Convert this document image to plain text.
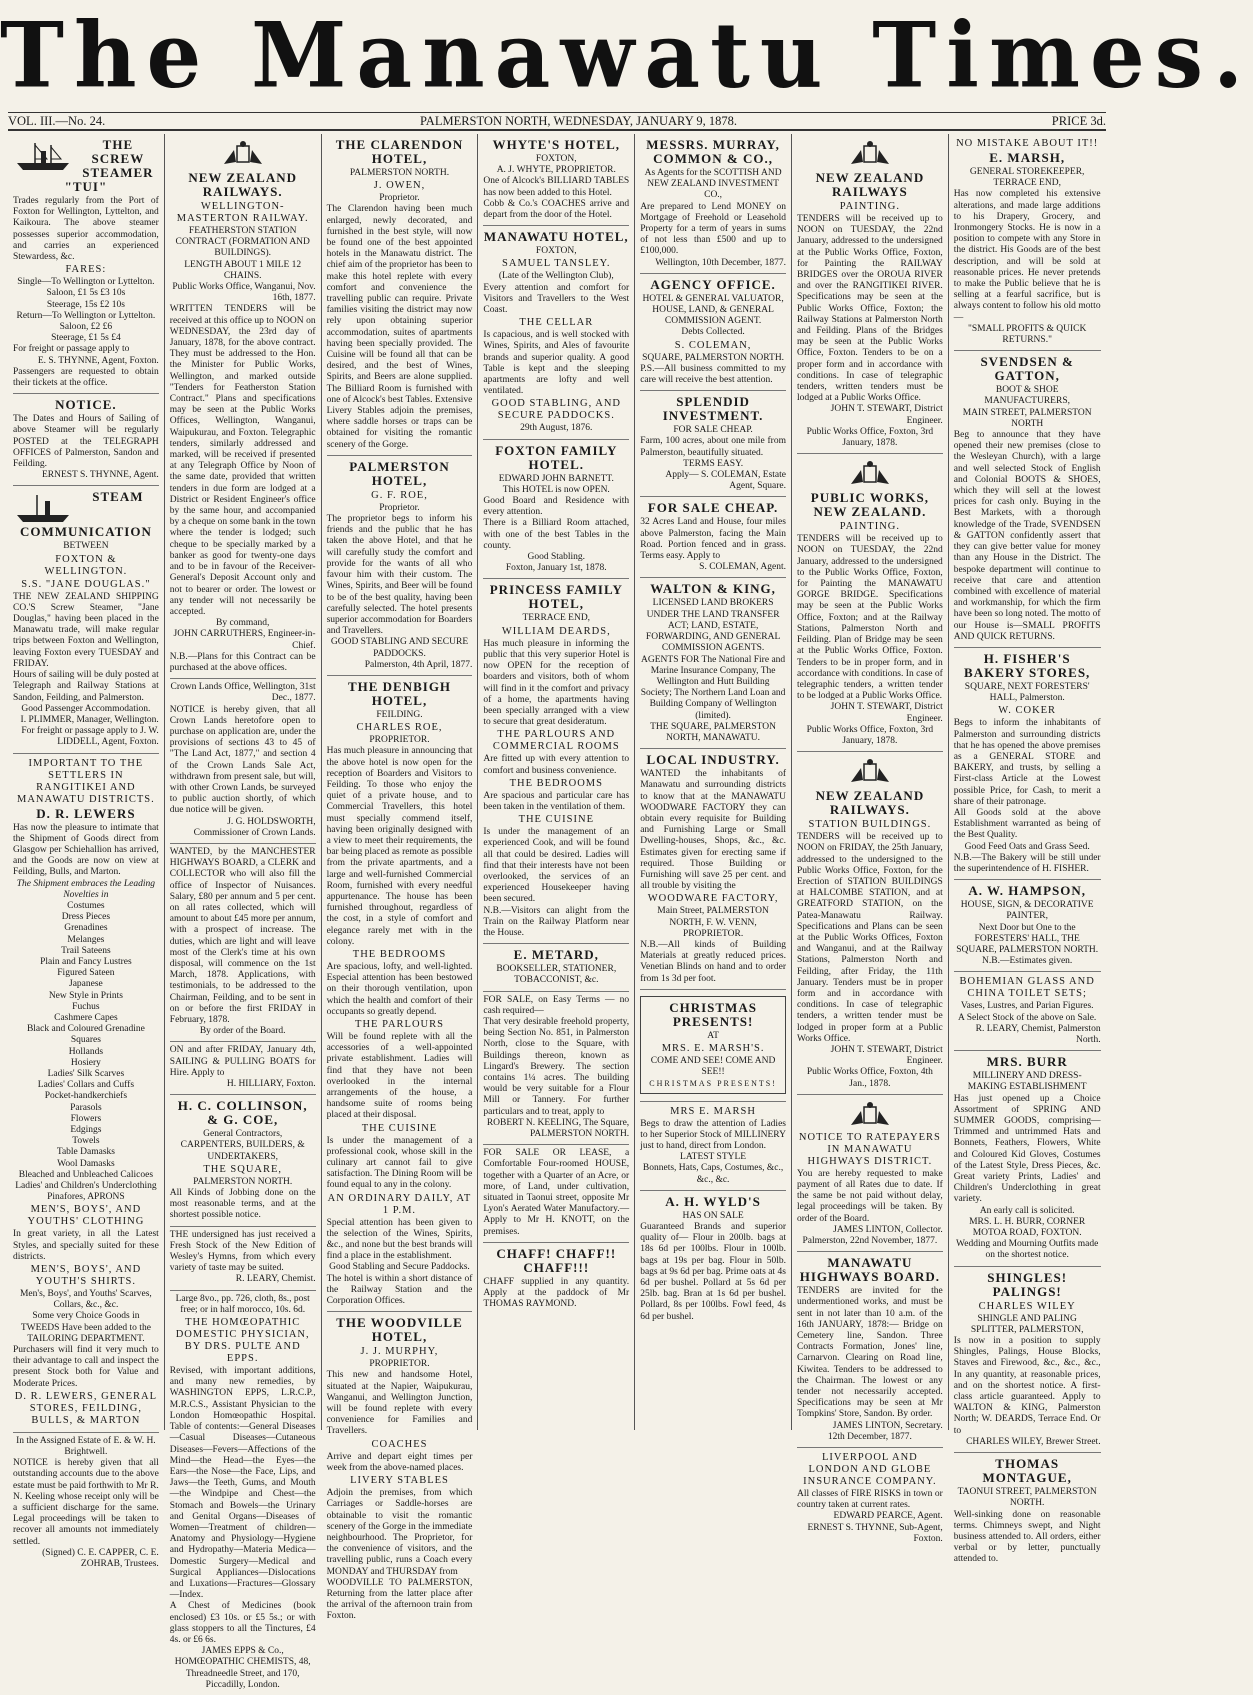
The Manawatu Times.
VOL. III.—No. 24.	PALMERSTON NORTH, WEDNESDAY, JANUARY 9, 1878.	PRICE 3d.
THE SCREW STEAMER "TUI"
Trades regularly from the Port of Foxton for Wellington, Lyttelton, and Kaikoura. The above steamer possesses superior accommodation, and carries an experienced Stewardess, &c.
FARES:
Single—To Wellington or Lyttelton. Saloon, £1 5s £3 10s
Steerage, 15s £2 10s
Return—To Wellington or Lyttelton. Saloon, £2 £6
Steerage, £1 5s £4
For freight or passage apply to
E. S. THYNNE, Agent, Foxton.
Passengers are requested to obtain their tickets at the office.
NOTICE.
The Dates and Hours of Sailing of above Steamer will be regularly POSTED at the TELEGRAPH OFFICES of Palmerston, Sandon and Feilding.
ERNEST S. THYNNE, Agent.
STEAM COMMUNICATION
BETWEEN
FOXTON & WELLINGTON.
S.S. "JANE DOUGLAS."
THE NEW ZEALAND SHIPPING CO.'S Screw Steamer, "Jane Douglas," having been placed in the Manawatu trade, will make regular trips between Foxton and Wellington, leaving Foxton every TUESDAY and FRIDAY.
Hours of sailing will be duly posted at Telegraph and Railway Stations at Sandon, Feilding, and Palmerston.
Good Passenger Accommodation.
I. PLIMMER, Manager, Wellington.
For freight or passage apply to J. W. LIDDELL, Agent, Foxton.
IMPORTANT TO THE SETTLERS IN RANGITIKEI AND MANAWATU DISTRICTS.
D. R. LEWERS
Has now the pleasure to intimate that the Shipment of Goods direct from Glasgow per Schiehallion has arrived, and the Goods are now on view at Feilding, Bulls, and Marton.
The Shipment embraces the Leading Novelties in
Costumes
Dress Pieces
Grenadines
Melanges
Trail Sateens
Plain and Fancy Lustres
Figured Sateen
Japanese
New Style in Prints
Fuchus
Cashmere Capes
Black and Coloured Grenadine Squares
Hollands
Hosiery
Ladies' Silk Scarves
Ladies' Collars and Cuffs
Pocket-handkerchiefs
Parasols
Flowers
Edgings
Towels
Table Damasks
Wool Damasks
Bleached and Unbleached Calicoes
Ladies' and Children's Underclothing
Pinafores, APRONS
MEN'S, BOYS', AND YOUTHS' CLOTHING
In great variety, in all the Latest Styles, and specially suited for these districts.
MEN'S, BOYS', AND YOUTH'S SHIRTS.
Men's, Boys', and Youths' Scarves, Collars, &c., &c.
Some very Choice Goods in TWEEDS Have been added to the TAILORING DEPARTMENT.
Purchasers will find it very much to their advantage to call and inspect the present Stock both for Value and Moderate Prices.
D. R. LEWERS, GENERAL STORES, FEILDING, BULLS, & MARTON
In the Assigned Estate of E. & W. H. Brightwell.
NOTICE is hereby given that all outstanding accounts due to the above estate must be paid forthwith to Mr R. N. Keeling whose receipt only will be a sufficient discharge for the same. Legal proceedings will be taken to recover all amounts not immediately settled.
(Signed) C. E. CAPPER, C. E. ZOHRAB, Trustees.
NEW ZEALAND RAILWAYS.
WELLINGTON-MASTERTON RAILWAY.
FEATHERSTON STATION CONTRACT (FORMATION AND BUILDINGS).
LENGTH ABOUT 1 MILE 12 CHAINS.
Public Works Office, Wanganui, Nov. 16th, 1877.
WRITTEN TENDERS will be received at this office up to NOON on WEDNESDAY, the 23rd day of January, 1878, for the above contract. They must be addressed to the Hon. the Minister for Public Works, Wellington, and marked outside "Tenders for Featherston Station Contract." Plans and specifications may be seen at the Public Works Offices, Wellington, Wanganui, Waipukurau, and Foxton. Telegraphic tenders, similarly addressed and marked, will be received if presented at any Telegraph Office by Noon of the same date, provided that written tenders in due form are lodged at a District or Resident Engineer's office by the same hour, and accompanied by a cheque on some bank in the town where the tender is lodged; such cheque to be specially marked by a banker as good for twenty-one days and to be in favour of the Receiver-General's Deposit Account only and not to bearer or order. The lowest or any tender will not necessarily be accepted.
By command,
JOHN CARRUTHERS, Engineer-in-Chief.
N.B.—Plans for this Contract can be purchased at the above offices.
Crown Lands Office, Wellington, 31st Dec., 1877.
NOTICE is hereby given, that all Crown Lands heretofore open to purchase on application are, under the provisions of sections 43 to 45 of "The Land Act, 1877," and section 4 of the Crown Lands Sale Act, withdrawn from present sale, but will, with other Crown Lands, be surveyed to public auction shortly, of which due notice will be given.
J. G. HOLDSWORTH, Commissioner of Crown Lands.
WANTED, by the MANCHESTER HIGHWAYS BOARD, a CLERK and COLLECTOR who will also fill the office of Inspector of Nuisances. Salary, £80 per annum and 5 per cent. on all rates collected, which will amount to about £45 more per annum, with a prospect of increase. The duties, which are light and will leave most of the Clerk's time at his own disposal, will commence on the 1st March, 1878. Applications, with testimonials, to be addressed to the Chairman, Feilding, and to be sent in on or before the first FRIDAY in February, 1878.
By order of the Board.
ON and after FRIDAY, January 4th, SAILING & PULLING BOATS for Hire. Apply to
H. HILLIARY, Foxton.
H. C. COLLINSON, & G. COE,
General Contractors,
CARPENTERS, BUILDERS, & UNDERTAKERS,
THE SQUARE,
PALMERSTON NORTH.
All Kinds of Jobbing done on the most reasonable terms, and at the shortest possible notice.
THE undersigned has just received a Fresh Stock of the New Edition of Wesley's Hymns, from which every variety of taste may be suited.
R. LEARY, Chemist.
Large 8vo., pp. 726, cloth, 8s., post free; or in half morocco, 10s. 6d.
THE HOMŒOPATHIC DOMESTIC PHYSICIAN, BY DRS. PULTE AND EPPS.
Revised, with important additions, and many new remedies, by WASHINGTON EPPS, L.R.C.P., M.R.C.S., Assistant Physician to the London Homœopathic Hospital. Table of contents:—General Diseases—Casual Diseases—Cutaneous Diseases—Fevers—Affections of the Mind—the Head—the Eyes—the Ears—the Nose—the Face, Lips, and Jaws—the Teeth, Gums, and Mouth—the Windpipe and Chest—the Stomach and Bowels—the Urinary and Genital Organs—Diseases of Women—Treatment of children—Anatomy and Physiology—Hygiene and Hydropathy—Materia Medica—Domestic Surgery—Medical and Surgical Appliances—Dislocations and Luxations—Fractures—Glossary—Index.
A Chest of Medicines (book enclosed) £3 10s. or £5 5s.; or with glass stoppers to all the Tinctures, £4 4s. or £6 6s.
JAMES EPPS & Co., HOMŒOPATHIC CHEMISTS, 48, Threadneedle Street, and 170, Piccadilly, London.
THE CLARENDON HOTEL,
PALMERSTON NORTH.
J. OWEN,
Proprietor.
The Clarendon having been much enlarged, newly decorated, and furnished in the best style, will now be found one of the best appointed hotels in the Manawatu district. The chief aim of the proprietor has been to make this hotel replete with every comfort and convenience the travelling public can require. Private families visiting the district may now rely upon obtaining superior accommodation, suites of apartments having been specially provided. The Cuisine will be found all that can be desired, and the best of Wines, Spirits, and Beers are alone supplied. The Billiard Room is furnished with one of Alcock's best Tables. Extensive Livery Stables adjoin the premises, where saddle horses or traps can be obtained for visiting the romantic scenery of the Gorge.
PALMERSTON HOTEL,
G. F. ROE,
Proprietor.
The proprietor begs to inform his friends and the public that he has taken the above Hotel, and that he will carefully study the comfort and provide for the wants of all who favour him with their custom. The Wines, Spirits, and Beer will be found to be of the best quality, having been carefully selected. The hotel presents superior accommodation for Boarders and Travellers.
GOOD STABLING AND SECURE PADDOCKS.
Palmerston, 4th April, 1877.
THE DENBIGH HOTEL,
FEILDING.
CHARLES ROE,
PROPRIETOR.
Has much pleasure in announcing that the above hotel is now open for the reception of Boarders and Visitors to Feilding. To those who enjoy the quiet of a private house, and to Commercial Travellers, this hotel must specially commend itself, having been originally designed with a view to meet their requirements, the bar being placed as remote as possible from the private apartments, and a large and well-furnished Commercial Room, furnished with every needful appurtenance. The house has been furnished throughout, regardless of the cost, in a style of comfort and elegance rarely met with in the colony.
THE BEDROOMS
Are spacious, lofty, and well-lighted. Especial attention has been bestowed on their thorough ventilation, upon which the health and comfort of their occupants so greatly depend.
THE PARLOURS
Will be found replete with all the accessories of a well-appointed private establishment. Ladies will find that they have not been overlooked in the internal arrangements of the house, a handsome suite of rooms being placed at their disposal.
THE CUISINE
Is under the management of a professional cook, whose skill in the culinary art cannot fail to give satisfaction. The Dining Room will be found equal to any in the colony.
AN ORDINARY DAILY, AT 1 P.M.
Special attention has been given to the selection of the Wines, Spirits, &c., and none but the best brands will find a place in the establishment.
Good Stabling and Secure Paddocks.
The hotel is within a short distance of the Railway Station and the Corporation Offices.
THE WOODVILLE HOTEL,
J. J. MURPHY,
PROPRIETOR.
This new and handsome Hotel, situated at the Napier, Waipukurau, Wanganui, and Wellington Junction, will be found replete with every convenience for Families and Travellers.
COACHES
Arrive and depart eight times per week from the above-named places.
LIVERY STABLES
Adjoin the premises, from which Carriages or Saddle-horses are obtainable to visit the romantic scenery of the Gorge in the immediate neighbourhood. The Proprietor, for the convenience of visitors, and the travelling public, runs a Coach every MONDAY and THURSDAY from
WOODVILLE TO PALMERSTON, Returning from the latter place after the arrival of the afternoon train from Foxton.
WHYTE'S HOTEL,
FOXTON,
A. J. WHYTE, PROPRIETOR.
One of Alcock's BILLIARD TABLES has now been added to this Hotel.
Cobb & Co.'s COACHES arrive and depart from the door of the Hotel.
MANAWATU HOTEL,
FOXTON,
SAMUEL TANSLEY.
(Late of the Wellington Club),
Every attention and comfort for Visitors and Travellers to the West Coast.
THE CELLAR
Is capacious, and is well stocked with Wines, Spirits, and Ales of favourite brands and superior quality. A good Table is kept and the sleeping apartments are lofty and well ventilated.
GOOD STABLING, AND SECURE PADDOCKS.
29th August, 1876.
FOXTON FAMILY HOTEL.
EDWARD JOHN BARNETT.
This HOTEL is now OPEN.
Good Board and Residence with every attention.
There is a Billiard Room attached, with one of the best Tables in the county.
Good Stabling.
Foxton, January 1st, 1878.
PRINCESS FAMILY HOTEL,
TERRACE END,
WILLIAM DEARDS,
Has much pleasure in informing the public that this very superior Hotel is now OPEN for the reception of boarders and visitors, both of whom will find in it the comfort and privacy of a home, the apartments having been specially arranged with a view to secure that great desideratum.
THE PARLOURS AND COMMERCIAL ROOMS
Are fitted up with every attention to comfort and business convenience.
THE BEDROOMS
Are spacious and particular care has been taken in the ventilation of them.
THE CUISINE
Is under the management of an experienced Cook, and will be found all that could be desired. Ladies will find that their interests have not been overlooked, the services of an experienced Housekeeper having been secured.
N.B.—Visitors can alight from the Train on the Railway Platform near the House.
E. METARD,
BOOKSELLER, STATIONER, TOBACCONIST, &c.
FOR SALE, on Easy Terms — no cash required—
That very desirable freehold property, being Section No. 851, in Palmerston North, close to the Square, with Buildings thereon, known as Lingard's Brewery. The section contains 1¼ acres. The building would be very suitable for a Flour Mill or Tannery. For further particulars and to treat, apply to
ROBERT N. KEELING, The Square, PALMERSTON NORTH.
FOR SALE OR LEASE, a Comfortable Four-roomed HOUSE, together with a Quarter of an Acre, or more, of Land, under cultivation, situated in Taonui street, opposite Mr Lyon's Aerated Water Manufactory.— Apply to Mr H. KNOTT, on the premises.
CHAFF! CHAFF!! CHAFF!!!
CHAFF supplied in any quantity. Apply at the paddock of Mr THOMAS RAYMOND.
MESSRS. MURRAY, COMMON & CO.,
As Agents for the SCOTTISH AND NEW ZEALAND INVESTMENT CO.,
Are prepared to Lend MONEY on Mortgage of Freehold or Leasehold Property for a term of years in sums of not less than £500 and up to £100,000.
Wellington, 10th December, 1877.
AGENCY OFFICE.
HOTEL & GENERAL VALUATOR, HOUSE, LAND, & GENERAL COMMISSION AGENT.
Debts Collected.
S. COLEMAN,
SQUARE, PALMERSTON NORTH.
P.S.—All business committed to my care will receive the best attention.
SPLENDID INVESTMENT.
FOR SALE CHEAP.
Farm, 100 acres, about one mile from Palmerston, beautifully situated.
TERMS EASY.
Apply— S. COLEMAN, Estate Agent, Square.
FOR SALE CHEAP.
32 Acres Land and House, four miles above Palmerston, facing the Main Road. Portion fenced and in grass. Terms easy. Apply to
S. COLEMAN, Agent.
WALTON & KING,
LICENSED LAND BROKERS UNDER THE LAND TRANSFER ACT; LAND, ESTATE, FORWARDING, AND GENERAL COMMISSION AGENTS.
AGENTS FOR The National Fire and Marine Insurance Company, The Wellington and Hutt Building Society; The Northern Land Loan and Building Company of Wellington (limited).
THE SQUARE, PALMERSTON NORTH, MANAWATU.
LOCAL INDUSTRY.
WANTED the inhabitants of Manawatu and surrounding districts to know that at the MANAWATU WOODWARE FACTORY they can obtain every requisite for Building and Furnishing Large or Small Dwelling-houses, Shops, &c., &c. Estimates given for erecting same if required. Those Building or Furnishing will save 25 per cent. and all trouble by visiting the
WOODWARE FACTORY,
Main Street, PALMERSTON NORTH, F. W. VENN, PROPRIETOR.
N.B.—All kinds of Building Materials at greatly reduced prices. Venetian Blinds on hand and to order from 1s 3d per foot.
CHRISTMAS PRESENTS!
AT
MRS. E. MARSH'S.
COME AND SEE! COME AND SEE!!
CHRISTMAS PRESENTS!
MRS E. MARSH
Begs to draw the attention of Ladies to her Superior Stock of MILLINERY just to hand, direct from London.
LATEST STYLE
Bonnets, Hats, Caps, Costumes, &c., &c., &c.
A. H. WYLD'S
HAS ON SALE
Guaranteed Brands and superior quality of— Flour in 200lb. bags at 18s 6d per 100lbs. Flour in 100lb. bags at 19s per bag. Flour in 50lb. bags at 9s 6d per bag. Prime oats at 4s 6d per bushel. Pollard at 5s 6d per 25lb. bag. Bran at 1s 6d per bushel. Pollard, 8s per 100lbs. Fowl feed, 4s 6d per bushel.
NEW ZEALAND RAILWAYS
PAINTING.
TENDERS will be received up to NOON on TUESDAY, the 22nd January, addressed to the undersigned at the Public Works Office, Foxton, for Painting the RAILWAY BRIDGES over the OROUA RIVER and over the RANGITIKEI RIVER. Specifications may be seen at the Public Works Office, Foxton; the Railway Stations at Palmerston North and Feilding. Plans of the Bridges may be seen at the Public Works Office, Foxton. Tenders to be on a proper form and in accordance with conditions. In case of telegraphic tenders, written tenders must be lodged at a Public Works Office.
JOHN T. STEWART, District Engineer.
Public Works Office, Foxton, 3rd January, 1878.
PUBLIC WORKS, NEW ZEALAND.
PAINTING.
TENDERS will be received up to NOON on TUESDAY, the 22nd January, addressed to the undersigned to the Public Works Office, Foxton, for Painting the MANAWATU GORGE BRIDGE. Specifications may be seen at the Public Works Office, Foxton; and at the Railway Stations, Palmerston North and Feilding. Plan of Bridge may be seen at the Public Works Office, Foxton. Tenders to be in proper form, and in accordance with conditions. In case of telegraphic tenders, a written tender to be lodged at a Public Works Office.
JOHN T. STEWART, District Engineer.
Public Works Office, Foxton, 3rd January, 1878.
NEW ZEALAND RAILWAYS.
STATION BUILDINGS.
TENDERS will be received up to NOON on FRIDAY, the 25th January, addressed to the undersigned to the Public Works Office, Foxton, for the Erection of STATION BUILDINGS at HALCOMBE STATION, and at GREATFORD STATION, on the Patea-Manawatu Railway. Specifications and Plans can be seen at the Public Works Offices, Foxton and Wanganui, and at the Railway Stations, Palmerston North and Feilding, after Friday, the 11th January. Tenders must be in proper form and in accordance with conditions. In case of telegraphic tenders, a written tender must be lodged in proper form at a Public Works Office.
JOHN T. STEWART, District Engineer.
Public Works Office, Foxton, 4th Jan., 1878.
NOTICE TO RATEPAYERS IN MANAWATU HIGHWAYS DISTRICT.
You are hereby requested to make payment of all Rates due to date. If the same be not paid without delay, legal proceedings will be taken. By order of the Board.
JAMES LINTON, Collector.
Palmerston, 22nd November, 1877.
MANAWATU HIGHWAYS BOARD.
TENDERS are invited for the undermentioned works, and must be sent in not later than 10 a.m. of the 16th JANUARY, 1878:— Bridge on Cemetery line, Sandon. Three Contracts Formation, Jones' line, Carnarvon. Clearing on Road line, Kiwitea. Tenders to be addressed to the Chairman. The lowest or any tender not necessarily accepted. Specifications may be seen at Mr Tompkins' Store, Sandon. By order.
JAMES LINTON, Secretary.
12th December, 1877.
LIVERPOOL AND LONDON AND GLOBE INSURANCE COMPANY.
All classes of FIRE RISKS in town or country taken at current rates.
EDWARD PEARCE, Agent.
ERNEST S. THYNNE, Sub-Agent, Foxton.
NO MISTAKE ABOUT IT!!
E. MARSH,
GENERAL STOREKEEPER, TERRACE END,
Has now completed his extensive alterations, and made large additions to his Drapery, Grocery, and Ironmongery Stocks. He is now in a position to compete with any Store in the district. His Goods are of the best description, and will be sold at reasonable prices. He never pretends to make the Public believe that he is selling at a fearful sacrifice, but is always content to follow his old motto—
"SMALL PROFITS & QUICK RETURNS."
SVENDSEN & GATTON,
BOOT & SHOE MANUFACTURERS,
MAIN STREET, PALMERSTON NORTH
Beg to announce that they have opened their new premises (close to the Wesleyan Church), with a large and well selected Stock of English and Colonial BOOTS & SHOES, which they will sell at the lowest prices for cash only. Buying in the Best Markets, with a thorough knowledge of the Trade, SVENDSEN & GATTON confidently assert that they can give better value for money than any House in the District. The bespoke department will continue to receive that care and attention combined with excellence of material and workmanship, for which the firm have been so long noted. The motto of our House is—SMALL PROFITS AND QUICK RETURNS.
H. FISHER'S BAKERY STORES,
SQUARE, NEXT FORESTERS' HALL, Palmerston.
W. COKER
Begs to inform the inhabitants of Palmerston and surrounding districts that he has opened the above premises as a GENERAL STORE and BAKERY, and trusts, by selling a First-class Article at the Lowest possible Price, for Cash, to merit a share of their patronage.
All Goods sold at the above Establishment warranted as being of the Best Quality.
Good Feed Oats and Grass Seed.
N.B.—The Bakery will be still under the superintendence of H. FISHER.
A. W. HAMPSON,
HOUSE, SIGN, & DECORATIVE PAINTER,
Next Door but One to the FORESTERS' HALL, THE SQUARE, PALMERSTON NORTH.
N.B.—Estimates given.
BOHEMIAN GLASS AND CHINA TOILET SETS;
Vases, Lustres, and Parian Figures.
A Select Stock of the above on Sale.
R. LEARY, Chemist, Palmerston North.
MRS. BURR
MILLINERY AND DRESS-MAKING ESTABLISHMENT
Has just opened up a Choice Assortment of SPRING AND SUMMER GOODS, comprising— Trimmed and untrimmed Hats and Bonnets, Feathers, Flowers, White and Coloured Kid Gloves, Costumes of the Latest Style, Dress Pieces, &c. Great variety Prints, Ladies' and Children's Underclothing in great variety.
An early call is solicited.
MRS. L. H. BURR, CORNER MOTOA ROAD, FOXTON.
Wedding and Mourning Outfits made on the shortest notice.
SHINGLES! PALINGS!
CHARLES WILEY
SHINGLE AND PALING SPLITTER, PALMERSTON,
Is now in a position to supply Shingles, Palings, House Blocks, Staves and Firewood, &c., &c., &c., In any quantity, at reasonable prices, and on the shortest notice. A first-class article guaranteed. Apply to WALTON & KING, Palmerston North; W. DEARDS, Terrace End. Or to
CHARLES WILEY, Brewer Street.
THOMAS MONTAGUE,
TAONUI STREET, PALMERSTON NORTH.
Well-sinking done on reasonable terms. Chimneys swept, and Night business attended to. All orders, either verbal or by letter, punctually attended to.
